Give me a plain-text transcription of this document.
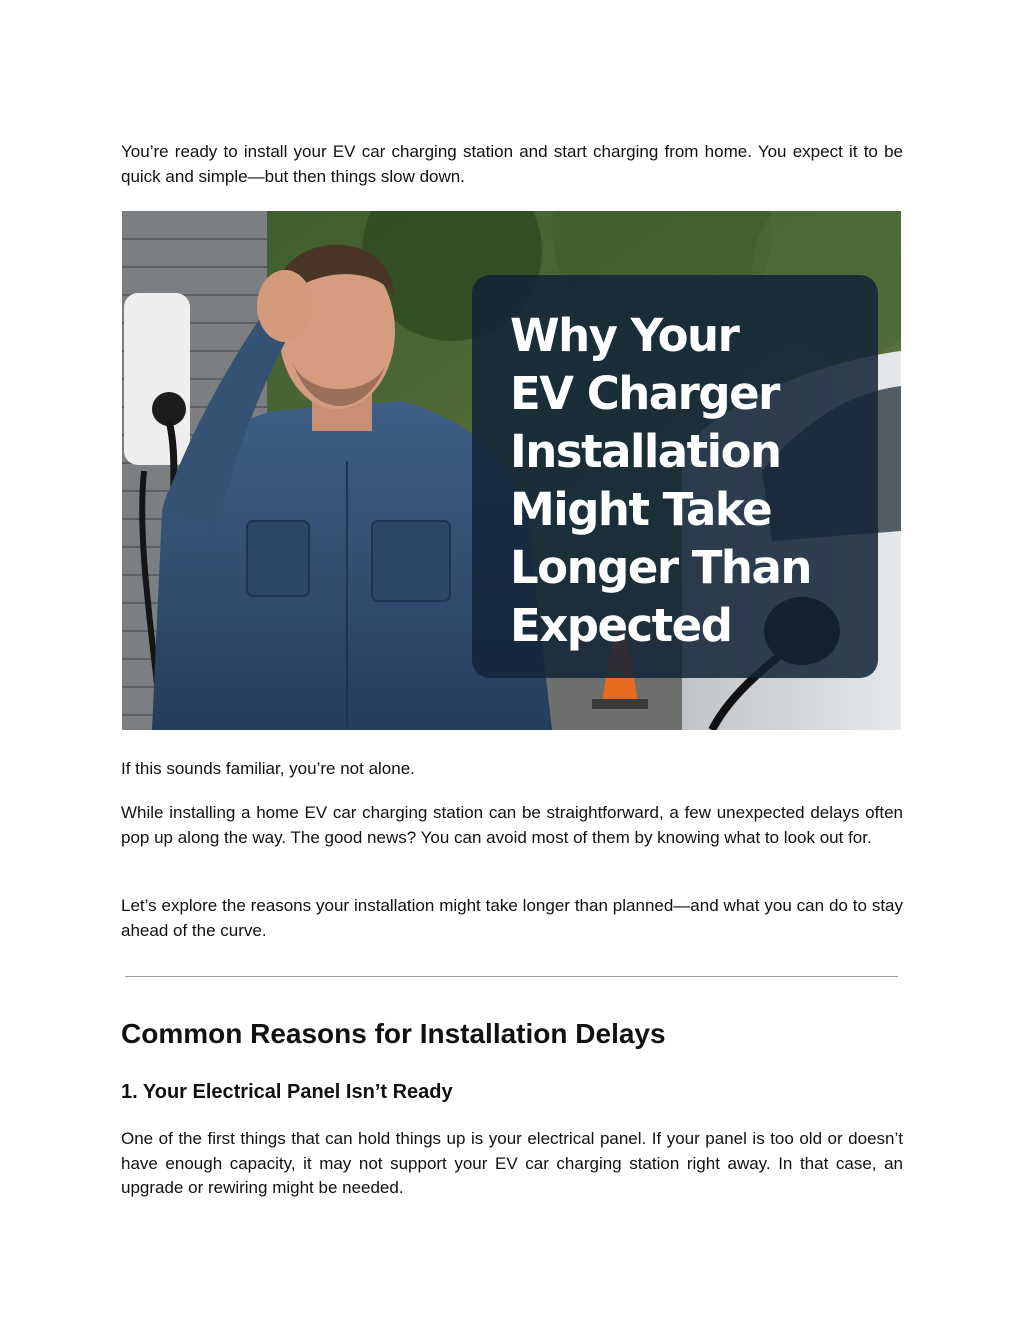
You’re ready to install your EV car charging station and start charging from home. You expect it to be quick and simple—but then things slow down.

Why Your
EV Charger
Installation
Might Take
Longer Than
Expected

If this sounds familiar, you’re not alone.

While installing a home EV car charging station can be straightforward, a few unexpected delays often pop up along the way. The good news? You can avoid most of them by knowing what to look out for.

Let’s explore the reasons your installation might take longer than planned—and what you can do to stay ahead of the curve.

Common Reasons for Installation Delays
1. Your Electrical Panel Isn’t Ready

One of the first things that can hold things up is your electrical panel. If your panel is too old or doesn’t have enough capacity, it may not support your EV car charging station right away. In that case, an upgrade or rewiring might be needed.
